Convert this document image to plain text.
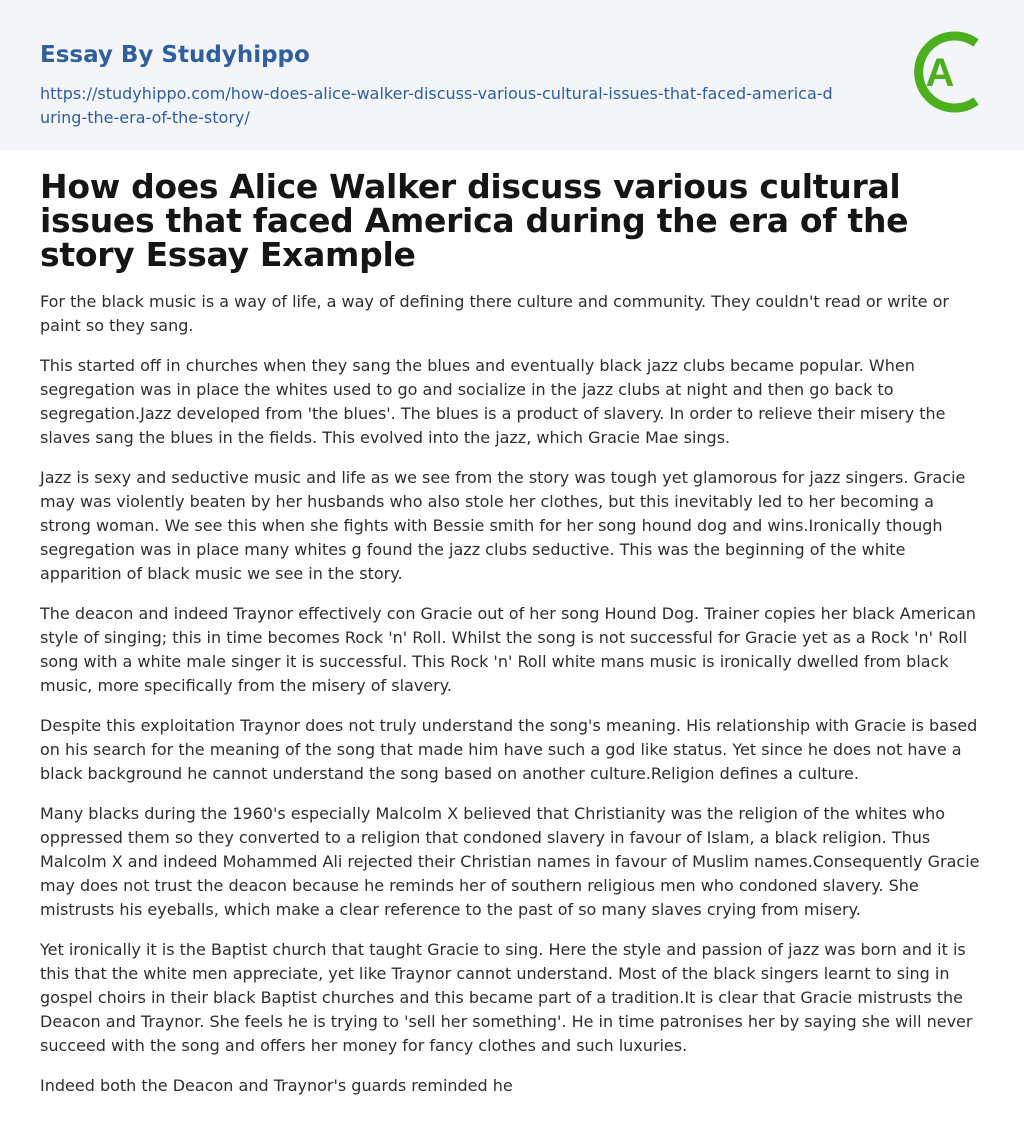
Essay By Studyhippo

https://studyhippo.com/how-does-alice-walker-discuss-various-cultural-issues-that-faced-america-during-the-era-of-the-story/
A
How does Alice Walker discuss various cultural issues that faced America during the era of the story Essay Example

For the black music is a way of life, a way of defining there culture and community. They couldn't read or write or paint so they sang.

This started off in churches when they sang the blues and eventually black jazz clubs became popular. When segregation was in place the whites used to go and socialize in the jazz clubs at night and then go back to segregation.Jazz developed from 'the blues'. The blues is a product of slavery. In order to relieve their misery the slaves sang the blues in the fields. This evolved into the jazz, which Gracie Mae sings.

Jazz is sexy and seductive music and life as we see from the story was tough yet glamorous for jazz singers. Gracie may was violently beaten by her husbands who also stole her clothes, but this inevitably led to her becoming a strong woman. We see this when she fights with Bessie smith for her song hound dog and wins.Ironically though segregation was in place many whites g found the jazz clubs seductive. This was the beginning of the white apparition of black music we see in the story.

The deacon and indeed Traynor effectively con Gracie out of her song Hound Dog. Trainer copies her black American style of singing; this in time becomes Rock 'n' Roll. Whilst the song is not successful for Gracie yet as a Rock 'n' Roll song with a white male singer it is successful. This Rock 'n' Roll white mans music is ironically dwelled from black music, more specifically from the misery of slavery.

Despite this exploitation Traynor does not truly understand the song's meaning. His relationship with Gracie is based on his search for the meaning of the song that made him have such a god like status. Yet since he does not have a black background he cannot understand the song based on another culture.Religion defines a culture.

Many blacks during the 1960's especially Malcolm X believed that Christianity was the religion of the whites who oppressed them so they converted to a religion that condoned slavery in favour of Islam, a black religion. Thus Malcolm X and indeed Mohammed Ali rejected their Christian names in favour of Muslim names.Consequently Gracie may does not trust the deacon because he reminds her of southern religious men who condoned slavery. She mistrusts his eyeballs, which make a clear reference to the past of so many slaves crying from misery.

Yet ironically it is the Baptist church that taught Gracie to sing. Here the style and passion of jazz was born and it is this that the white men appreciate, yet like Traynor cannot understand. Most of the black singers learnt to sing in gospel choirs in their black Baptist churches and this became part of a tradition.It is clear that Gracie mistrusts the Deacon and Traynor. She feels he is trying to 'sell her something'. He in time patronises her by saying she will never succeed with the song and offers her money for fancy clothes and such luxuries.

Indeed both the Deacon and Traynor's guards reminded he
